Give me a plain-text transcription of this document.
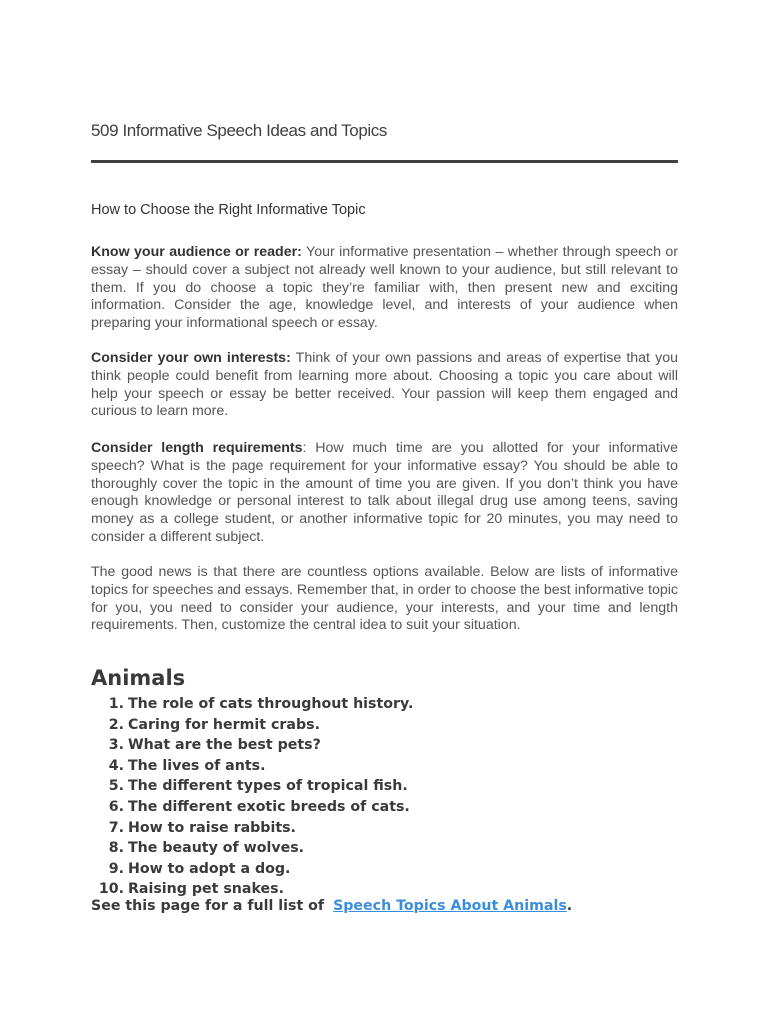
509 Informative Speech Ideas and Topics
How to Choose the Right Informative Topic

Know your audience or reader: Your informative presentation – whether through speech or essay – should cover a subject not already well known to your audience, but still relevant to them. If you do choose a topic they’re familiar with, then present new and exciting information. Consider the age, knowledge level, and interests of your audience when preparing your informational speech or essay.

Consider your own interests: Think of your own passions and areas of expertise that you think people could benefit from learning more about. Choosing a topic you care about will help your speech or essay be better received. Your passion will keep them engaged and curious to learn more.

Consider length requirements: How much time are you allotted for your informative speech? What is the page requirement for your informative essay? You should be able to thoroughly cover the topic in the amount of time you are given. If you don’t think you have enough knowledge or personal interest to talk about illegal drug use among teens, saving money as a college student, or another informative topic for 20 minutes, you may need to consider a different subject.

The good news is that there are countless options available. Below are lists of informative topics for speeches and essays. Remember that, in order to choose the best informative topic for you, you need to consider your audience, your interests, and your time and length requirements. Then, customize the central idea to suit your situation.

Animals
1. The role of cats throughout history.
2. Caring for hermit crabs.
3. What are the best pets?
4. The lives of ants.
5. The different types of tropical fish.
6. The different exotic breeds of cats.
7. How to raise rabbits.
8. The beauty of wolves.
9. How to adopt a dog.
10. Raising pet snakes.

See this page for a full list of Speech Topics About Animals.
